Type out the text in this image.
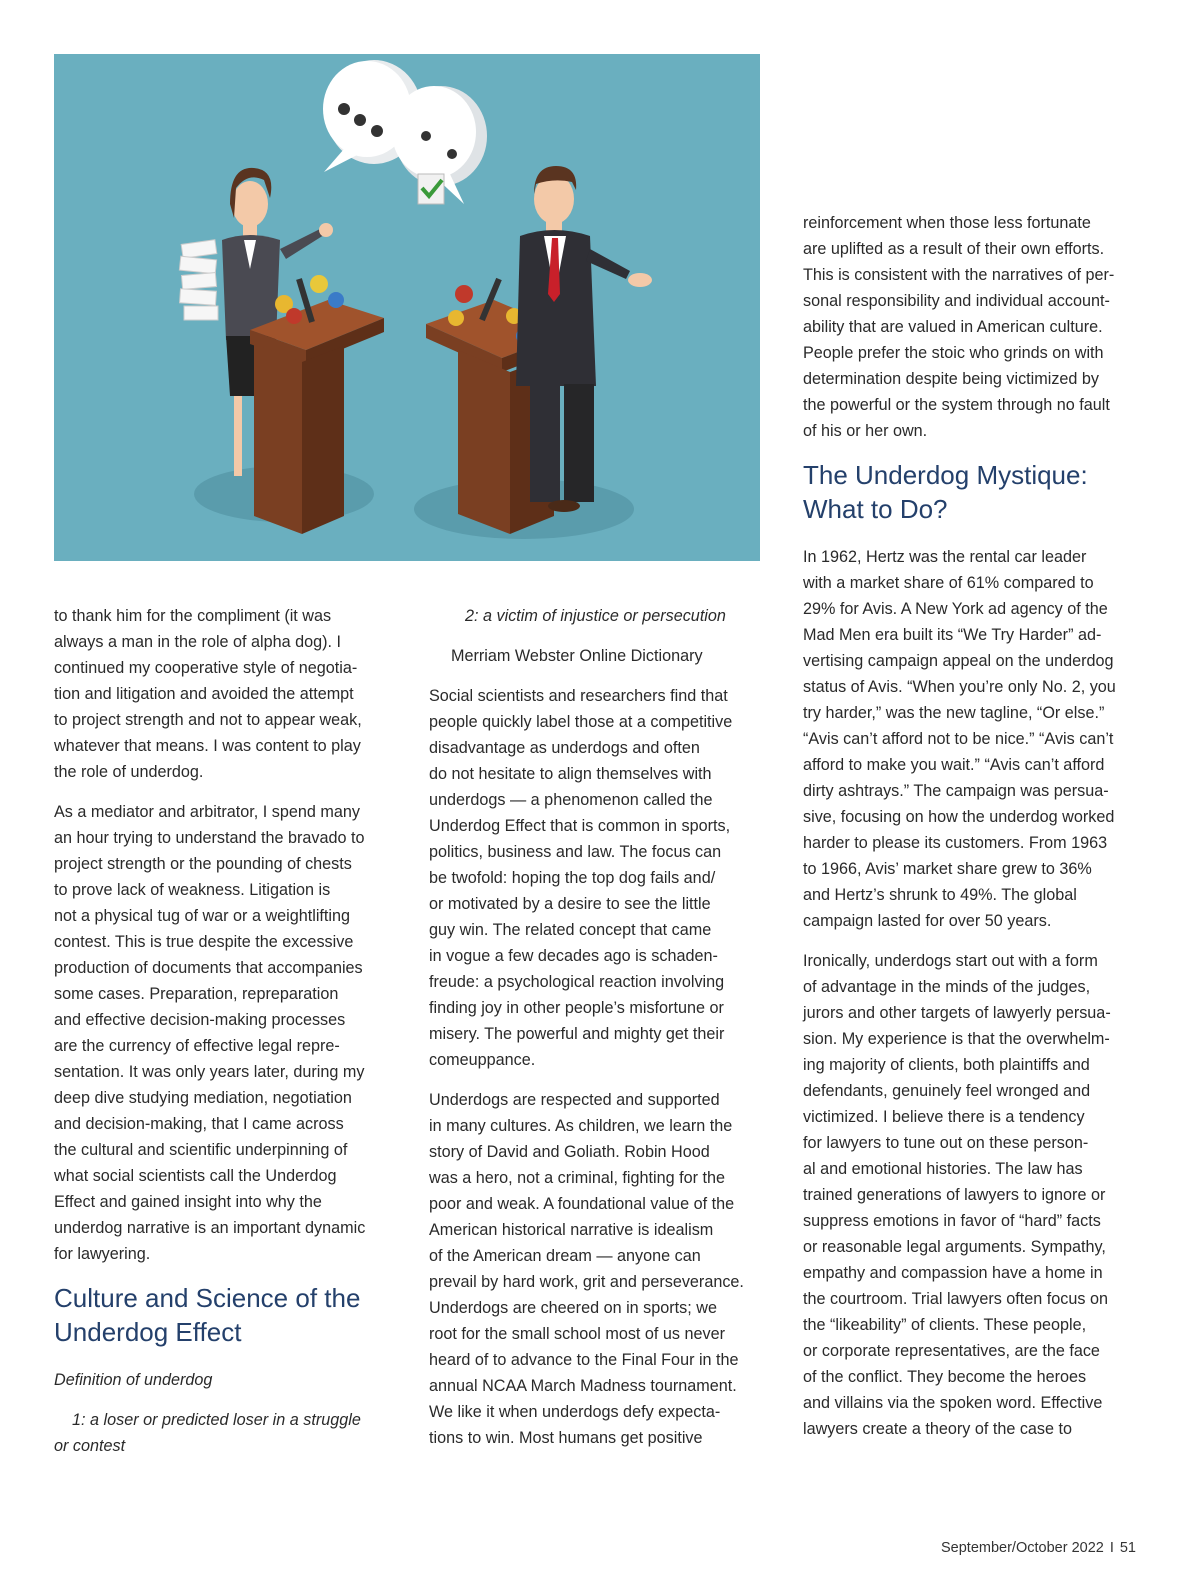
to thank him for the compliment (it was
always a man in the role of alpha dog). I
continued my cooperative style of negotia-
tion and litigation and avoided the attempt
to project strength and not to appear weak,
whatever that means. I was content to play
the role of underdog.

As a mediator and arbitrator, I spend many
an hour trying to understand the bravado to
project strength or the pounding of chests
to prove lack of weakness. Litigation is
not a physical tug of war or a weightlifting
contest. This is true despite the excessive
production of documents that accompanies
some cases. Preparation, repreparation
and effective decision-making processes
are the currency of effective legal repre-
sentation. It was only years later, during my
deep dive studying mediation, negotiation
and decision-making, that I came across
the cultural and scientific underpinning of
what social scientists call the Underdog
Effect and gained insight into why the
underdog narrative is an important dynamic
for lawyering.

Culture and Science of the
Underdog Effect

Definition of underdog

1: a loser or predicted loser in a struggle
or contest

2: a victim of injustice or persecution

Merriam Webster Online Dictionary

Social scientists and researchers find that
people quickly label those at a competitive
disadvantage as underdogs and often
do not hesitate to align themselves with
underdogs — a phenomenon called the
Underdog Effect that is common in sports,
politics, business and law. The focus can
be twofold: hoping the top dog fails and/
or motivated by a desire to see the little
guy win. The related concept that came
in vogue a few decades ago is schaden-
freude: a psychological reaction involving
finding joy in other people’s misfortune or
misery. The powerful and mighty get their
comeuppance.

Underdogs are respected and supported
in many cultures. As children, we learn the
story of David and Goliath. Robin Hood
was a hero, not a criminal, fighting for the
poor and weak. A foundational value of the
American historical narrative is idealism
of the American dream — anyone can
prevail by hard work, grit and perseverance.
Underdogs are cheered on in sports; we
root for the small school most of us never
heard of to advance to the Final Four in the
annual NCAA March Madness tournament.
We like it when underdogs defy expecta-
tions to win. Most humans get positive

reinforcement when those less fortunate
are uplifted as a result of their own efforts.
This is consistent with the narratives of per-
sonal responsibility and individual account-
ability that are valued in American culture.
People prefer the stoic who grinds on with
determination despite being victimized by
the powerful or the system through no fault
of his or her own.

The Underdog Mystique:
What to Do?

In 1962, Hertz was the rental car leader
with a market share of 61% compared to
29% for Avis. A New York ad agency of the
Mad Men era built its “We Try Harder” ad-
vertising campaign appeal on the underdog
status of Avis. “When you’re only No. 2, you
try harder,” was the new tagline, “Or else.”
“Avis can’t afford not to be nice.” “Avis can’t
afford to make you wait.” “Avis can’t afford
dirty ashtrays.” The campaign was persua-
sive, focusing on how the underdog worked
harder to please its customers. From 1963
to 1966, Avis’ market share grew to 36%
and Hertz’s shrunk to 49%. The global
campaign lasted for over 50 years.

Ironically, underdogs start out with a form
of advantage in the minds of the judges,
jurors and other targets of lawyerly persua-
sion. My experience is that the overwhelm-
ing majority of clients, both plaintiffs and
defendants, genuinely feel wronged and
victimized. I believe there is a tendency
for lawyers to tune out on these person-
al and emotional histories. The law has
trained generations of lawyers to ignore or
suppress emotions in favor of “hard” facts
or reasonable legal arguments. Sympathy,
empathy and compassion have a home in
the courtroom. Trial lawyers often focus on
the “likeability” of clients. These people,
or corporate representatives, are the face
of the conflict. They become the heroes
and villains via the spoken word. Effective
lawyers create a theory of the case to

September/October 2022 I 51
